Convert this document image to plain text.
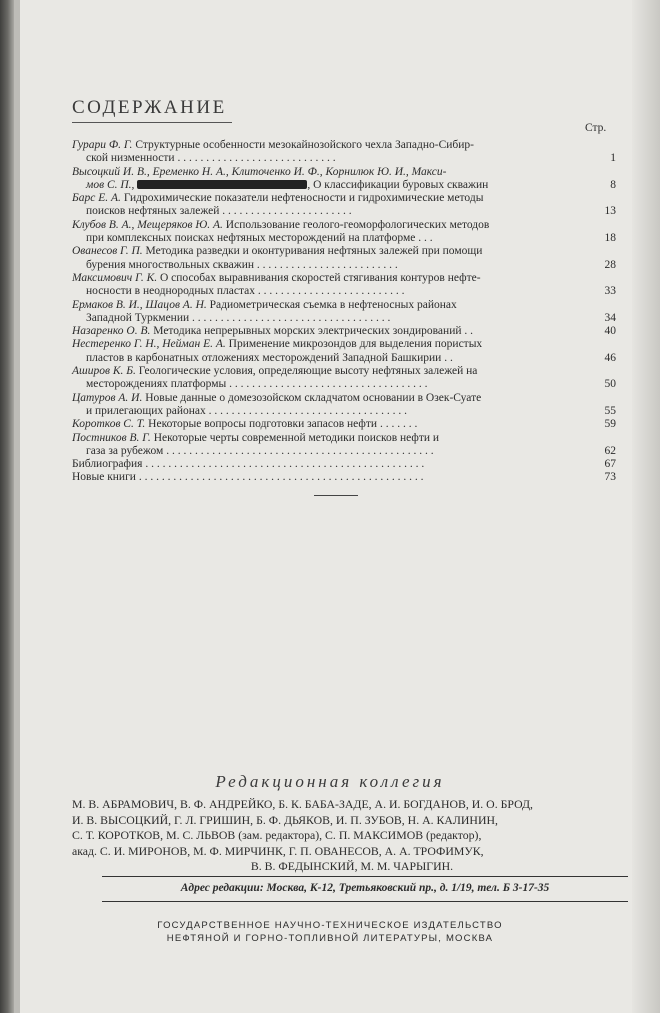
СОДЕРЖАНИЕ
Стр.
Гурари Ф. Г. Структурные особенности мезокайнозойского чехла Западно-Сибир-
ской низменности . . . . . . . . . . . . . . . . . . . . . . . . . . . .	1
Высоцкий И. В., Еременко Н. А., Клиточенко И. Ф., Корнилюк Ю. И., Макси-
мов С. П.,	, О классификации буровых скважин	8
Барс Е. А. Гидрохимические показатели нефтеносности и гидрохимические методы
поисков нефтяных залежей . . . . . . . . . . . . . . . . . . . . . . .	13
Клубов В. А., Мещеряков Ю. А. Использование геолого-геоморфологических методов
при комплексных поисках нефтяных месторождений на платформе . . .	18
Ованесов Г. П. Методика разведки и оконтуривания нефтяных залежей при помощи
бурения многоствольных скважин . . . . . . . . . . . . . . . . . . . . . . . . .	28
Максимович Г. К. О способах выравнивания скоростей стягивания контуров нефте-
носности в неоднородных пластах . . . . . . . . . . . . . . . . . . . . . . . . . .	33
Ермаков В. И., Шацов А. Н. Радиометрическая съемка в нефтеносных районах
Западной Туркмении . . . . . . . . . . . . . . . . . . . . . . . . . . . . . . . . . . .	34
Назаренко О. В. Методика непрерывных морских электрических зондирований . .	40
Нестеренко Г. Н., Нейман Е. А. Применение микрозондов для выделения пористых
пластов в карбонатных отложениях месторождений Западной Башкирии . .	46
Аширов К. Б. Геологические условия, определяющие высоту нефтяных залежей на
месторождениях платформы . . . . . . . . . . . . . . . . . . . . . . . . . . . . . . . . . . .	50
Цатуров А. И. Новые данные о домезозойском складчатом основании в Озек-Суате
и прилегающих районах . . . . . . . . . . . . . . . . . . . . . . . . . . . . . . . . . . .	55
Коротков С. Т. Некоторые вопросы подготовки запасов нефти . . . . . . .	59
Постников В. Г. Некоторые черты современной методики поисков нефти и
газа за рубежом . . . . . . . . . . . . . . . . . . . . . . . . . . . . . . . . . . . . . . . . . . . . . . .	62
Библиография . . . . . . . . . . . . . . . . . . . . . . . . . . . . . . . . . . . . . . . . . . . . . . . . .	67
Новые книги . . . . . . . . . . . . . . . . . . . . . . . . . . . . . . . . . . . . . . . . . . . . . . . . . .	73
Редакционная коллегия
М. В. АБРАМОВИЧ, В. Ф. АНДРЕЙКО, Б. К. БАБА-ЗАДЕ, А. И. БОГДАНОВ, И. О. БРОД,
И. В. ВЫСОЦКИЙ, Г. Л. ГРИШИН, Б. Ф. ДЬЯКОВ, И. П. ЗУБОВ, Н. А. КАЛИНИН,
С. Т. КОРОТКОВ, М. С. ЛЬВОВ (зам. редактора), С. П. МАКСИМОВ (редактор),
акад. С. И. МИРОНОВ, М. Ф. МИРЧИНК, Г. П. ОВАНЕСОВ, А. А. ТРОФИМУК,
В. В. ФЕДЫНСКИЙ, М. М. ЧАРЫГИН.
Адрес редакции: Москва, К-12, Третьяковский пр., д. 1/19, тел. Б 3-17-35
ГОСУДАРСТВЕННОЕ НАУЧНО-ТЕХНИЧЕСКОЕ ИЗДАТЕЛЬСТВО
НЕФТЯНОЙ И ГОРНО-ТОПЛИВНОЙ ЛИТЕРАТУРЫ, МОСКВА
